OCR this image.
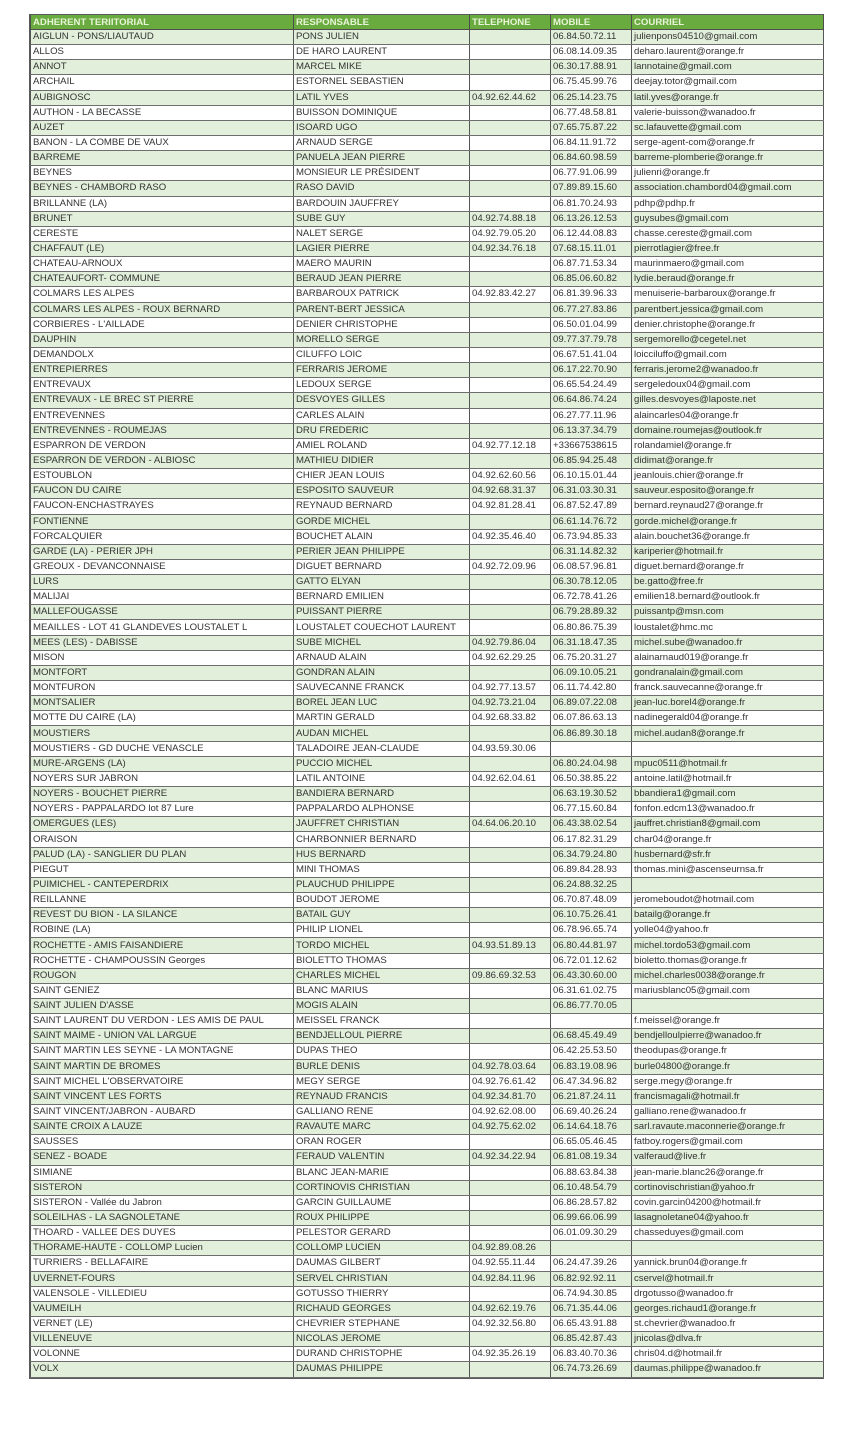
ADHERENT TERIITORIAL	RESPONSABLE	TELEPHONE	MOBILE	COURRIEL
AIGLUN - PONS/LIAUTAUD	PONS JULIEN		06.84.50.72.11	julienpons04510@gmail.com
ALLOS	DE HARO LAURENT		06.08.14.09.35	deharo.laurent@orange.fr
ANNOT	MARCEL MIKE		06.30.17.88.91	lannotaine@gmail.com
ARCHAIL	ESTORNEL SEBASTIEN		06.75.45.99.76	deejay.totor@gmail.com
AUBIGNOSC	LATIL YVES	04.92.62.44.62	06.25.14.23.75	latil.yves@orange.fr
AUTHON - LA BECASSE	BUISSON DOMINIQUE		06.77.48.58.81	valerie-buisson@wanadoo.fr
AUZET	ISOARD UGO		07.65.75.87.22	sc.lafauvette@gmail.com
BANON - LA COMBE DE VAUX	ARNAUD SERGE		06.84.11.91.72	serge-agent-com@orange.fr
BARREME	PANUELA JEAN PIERRE		06.84.60.98.59	barreme-plomberie@orange.fr
BEYNES	MONSIEUR LE PRÉSIDENT		06.77.91.06.99	julienri@orange.fr
BEYNES - CHAMBORD RASO	RASO DAVID		07.89.89.15.60	association.chambord04@gmail.com
BRILLANNE (LA)	BARDOUIN JAUFFREY		06.81.70.24.93	pdhp@pdhp.fr
BRUNET	SUBE GUY	04.92.74.88.18	06.13.26.12.53	guysubes@gmail.com
CERESTE	NALET SERGE	04.92.79.05.20	06.12.44.08.83	chasse.cereste@gmail.com
CHAFFAUT (LE)	LAGIER PIERRE	04.92.34.76.18	07.68.15.11.01	pierrotlagier@free.fr
CHATEAU-ARNOUX	MAERO MAURIN		06.87.71.53.34	maurinmaero@gmail.com
CHATEAUFORT- COMMUNE	BERAUD JEAN PIERRE		06.85.06.60.82	lydie.beraud@orange.fr
COLMARS LES ALPES	BARBAROUX PATRICK	04.92.83.42.27	06.81.39.96.33	menuiserie-barbaroux@orange.fr
COLMARS LES ALPES - ROUX BERNARD	PARENT-BERT JESSICA		06.77.27.83.86	parentbert.jessica@gmail.com
CORBIERES - L'AILLADE	DENIER CHRISTOPHE		06.50.01.04.99	denier.christophe@orange.fr
DAUPHIN	MORELLO SERGE		09.77.37.79.78	sergemorello@cegetel.net
DEMANDOLX	CILUFFO LOIC		06.67.51.41.04	loicciluffo@gmail.com
ENTREPIERRES	FERRARIS JEROME		06.17.22.70.90	ferraris.jerome2@wanadoo.fr
ENTREVAUX	LEDOUX SERGE		06.65.54.24.49	sergeledoux04@gmail.com
ENTREVAUX - LE BREC ST PIERRE	DESVOYES GILLES		06.64.86.74.24	gilles.desvoyes@laposte.net
ENTREVENNES	CARLES ALAIN		06.27.77.11.96	alaincarles04@orange.fr
ENTREVENNES - ROUMEJAS	DRU FREDERIC		06.13.37.34.79	domaine.roumejas@outlook.fr
ESPARRON DE VERDON	AMIEL ROLAND	04.92.77.12.18	+33667538615	rolandamiel@orange.fr
ESPARRON DE VERDON - ALBIOSC	MATHIEU DIDIER		06.85.94.25.48	didimat@orange.fr
ESTOUBLON	CHIER JEAN LOUIS	04.92.62.60.56	06.10.15.01.44	jeanlouis.chier@orange.fr
FAUCON DU CAIRE	ESPOSITO SAUVEUR	04.92.68.31.37	06.31.03.30.31	sauveur.esposito@orange.fr
FAUCON-ENCHASTRAYES	REYNAUD BERNARD	04.92.81.28.41	06.87.52.47.89	bernard.reynaud27@orange.fr
FONTIENNE	GORDE MICHEL		06.61.14.76.72	gorde.michel@orange.fr
FORCALQUIER	BOUCHET ALAIN	04.92.35.46.40	06.73.94.85.33	alain.bouchet36@orange.fr
GARDE (LA) - PERIER JPH	PERIER JEAN PHILIPPE		06.31.14.82.32	kariperier@hotmail.fr
GREOUX - DEVANCONNAISE	DIGUET BERNARD	04.92.72.09.96	06.08.57.96.81	diguet.bernard@orange.fr
LURS	GATTO ELYAN		06.30.78.12.05	be.gatto@free.fr
MALIJAI	BERNARD EMILIEN		06.72.78.41.26	emilien18.bernard@outlook.fr
MALLEFOUGASSE	PUISSANT PIERRE		06.79.28.89.32	puissantp@msn.com
MEAILLES - LOT 41 GLANDEVES LOUSTALET L	LOUSTALET COUECHOT LAURENT		06.80.86.75.39	loustalet@hmc.mc
MEES (LES) - DABISSE	SUBE MICHEL	04.92.79.86.04	06.31.18.47.35	michel.sube@wanadoo.fr
MISON	ARNAUD ALAIN	04.92.62.29.25	06.75.20.31.27	alainarnaud019@orange.fr
MONTFORT	GONDRAN ALAIN		06.09.10.05.21	gondranalain@gmail.com
MONTFURON	SAUVECANNE FRANCK	04.92.77.13.57	06.11.74.42.80	franck.sauvecanne@orange.fr
MONTSALIER	BOREL JEAN LUC	04.92.73.21.04	06.89.07.22.08	jean-luc.borel4@orange.fr
MOTTE DU CAIRE (LA)	MARTIN GERALD	04.92.68.33.82	06.07.86.63.13	nadinegerald04@orange.fr
MOUSTIERS	AUDAN MICHEL		06.86.89.30.18	michel.audan8@orange.fr
MOUSTIERS - GD DUCHE VENASCLE	TALADOIRE JEAN-CLAUDE	04.93.59.30.06		
MURE-ARGENS (LA)	PUCCIO MICHEL		06.80.24.04.98	mpuc0511@hotmail.fr
NOYERS SUR JABRON	LATIL ANTOINE	04.92.62.04.61	06.50.38.85.22	antoine.latil@hotmail.fr
NOYERS - BOUCHET PIERRE	BANDIERA BERNARD		06.63.19.30.52	bbandiera1@gmail.com
NOYERS - PAPPALARDO lot 87 Lure	PAPPALARDO ALPHONSE		06.77.15.60.84	fonfon.edcm13@wanadoo.fr
OMERGUES (LES)	JAUFFRET CHRISTIAN	04.64.06.20.10	06.43.38.02.54	jauffret.christian8@gmail.com
ORAISON	CHARBONNIER BERNARD		06.17.82.31.29	char04@orange.fr
PALUD (LA) - SANGLIER DU PLAN	HUS BERNARD		06.34.79.24.80	husbernard@sfr.fr
PIEGUT	MINI THOMAS		06.89.84.28.93	thomas.mini@ascenseurnsa.fr
PUIMICHEL - CANTEPERDRIX	PLAUCHUD PHILIPPE		06.24.88.32.25	
REILLANNE	BOUDOT JEROME		06.70.87.48.09	jeromeboudot@hotmail.com
REVEST DU BION - LA SILANCE	BATAIL GUY		06.10.75.26.41	batailg@orange.fr
ROBINE (LA)	PHILIP LIONEL		06.78.96.65.74	yolle04@yahoo.fr
ROCHETTE - AMIS FAISANDIERE	TORDO MICHEL	04.93.51.89.13	06.80.44.81.97	michel.tordo53@gmail.com
ROCHETTE - CHAMPOUSSIN Georges	BIOLETTO THOMAS		06.72.01.12.62	bioletto.thomas@orange.fr
ROUGON	CHARLES MICHEL	09.86.69.32.53	06.43.30.60.00	michel.charles0038@orange.fr
SAINT GENIEZ	BLANC MARIUS		06.31.61.02.75	mariusblanc05@gmail.com
SAINT JULIEN D'ASSE	MOGIS ALAIN		06.86.77.70.05	
SAINT LAURENT DU VERDON - LES AMIS DE PAUL	MEISSEL FRANCK			f.meissel@orange.fr
SAINT MAIME - UNION VAL LARGUE	BENDJELLOUL PIERRE		06.68.45.49.49	bendjelloulpierre@wanadoo.fr
SAINT MARTIN LES SEYNE - LA MONTAGNE	DUPAS THEO		06.42.25.53.50	theodupas@orange.fr
SAINT MARTIN DE BROMES	BURLE DENIS	04.92.78.03.64	06.83.19.08.96	burle04800@orange.fr
SAINT MICHEL L'OBSERVATOIRE	MEGY SERGE	04.92.76.61.42	06.47.34.96.82	serge.megy@orange.fr
SAINT VINCENT LES FORTS	REYNAUD FRANCIS	04.92.34.81.70	06.21.87.24.11	francismagali@hotmail.fr
SAINT VINCENT/JABRON - AUBARD	GALLIANO RENE	04.92.62.08.00	06.69.40.26.24	galliano.rene@wanadoo.fr
SAINTE CROIX A LAUZE	RAVAUTE MARC	04.92.75.62.02	06.14.64.18.76	sarl.ravaute.maconnerie@orange.fr
SAUSSES	ORAN ROGER		06.65.05.46.45	fatboy.rogers@gmail.com
SENEZ - BOADE	FERAUD VALENTIN	04.92.34.22.94	06.81.08.19.34	valferaud@live.fr
SIMIANE	BLANC JEAN-MARIE		06.88.63.84.38	jean-marie.blanc26@orange.fr
SISTERON	CORTINOVIS CHRISTIAN		06.10.48.54.79	cortinovischristian@yahoo.fr
SISTERON - Vallée du Jabron	GARCIN GUILLAUME		06.86.28.57.82	covin.garcin04200@hotmail.fr
SOLEILHAS - LA SAGNOLETANE	ROUX PHILIPPE		06.99.66.06.99	lasagnoletane04@yahoo.fr
THOARD - VALLEE DES DUYES	PELESTOR GERARD		06.01.09.30.29	chasseduyes@gmail.com
THORAME-HAUTE - COLLOMP Lucien	COLLOMP LUCIEN	04.92.89.08.26		
TURRIERS - BELLAFAIRE	DAUMAS GILBERT	04.92.55.11.44	06.24.47.39.26	yannick.brun04@orange.fr
UVERNET-FOURS	SERVEL CHRISTIAN	04.92.84.11.96	06.82.92.92.11	cservel@hotmail.fr
VALENSOLE - VILLEDIEU	GOTUSSO THIERRY		06.74.94.30.85	drgotusso@wanadoo.fr
VAUMEILH	RICHAUD GEORGES	04.92.62.19.76	06.71.35.44.06	georges.richaud1@orange.fr
VERNET (LE)	CHEVRIER STEPHANE	04.92.32.56.80	06.65.43.91.88	st.chevrier@wanadoo.fr
VILLENEUVE	NICOLAS JEROME		06.85.42.87.43	jnicolas@dlva.fr
VOLONNE	DURAND CHRISTOPHE	04.92.35.26.19	06.83.40.70.36	chris04.d@hotmail.fr
VOLX	DAUMAS PHILIPPE		06.74.73.26.69	daumas.philippe@wanadoo.fr
